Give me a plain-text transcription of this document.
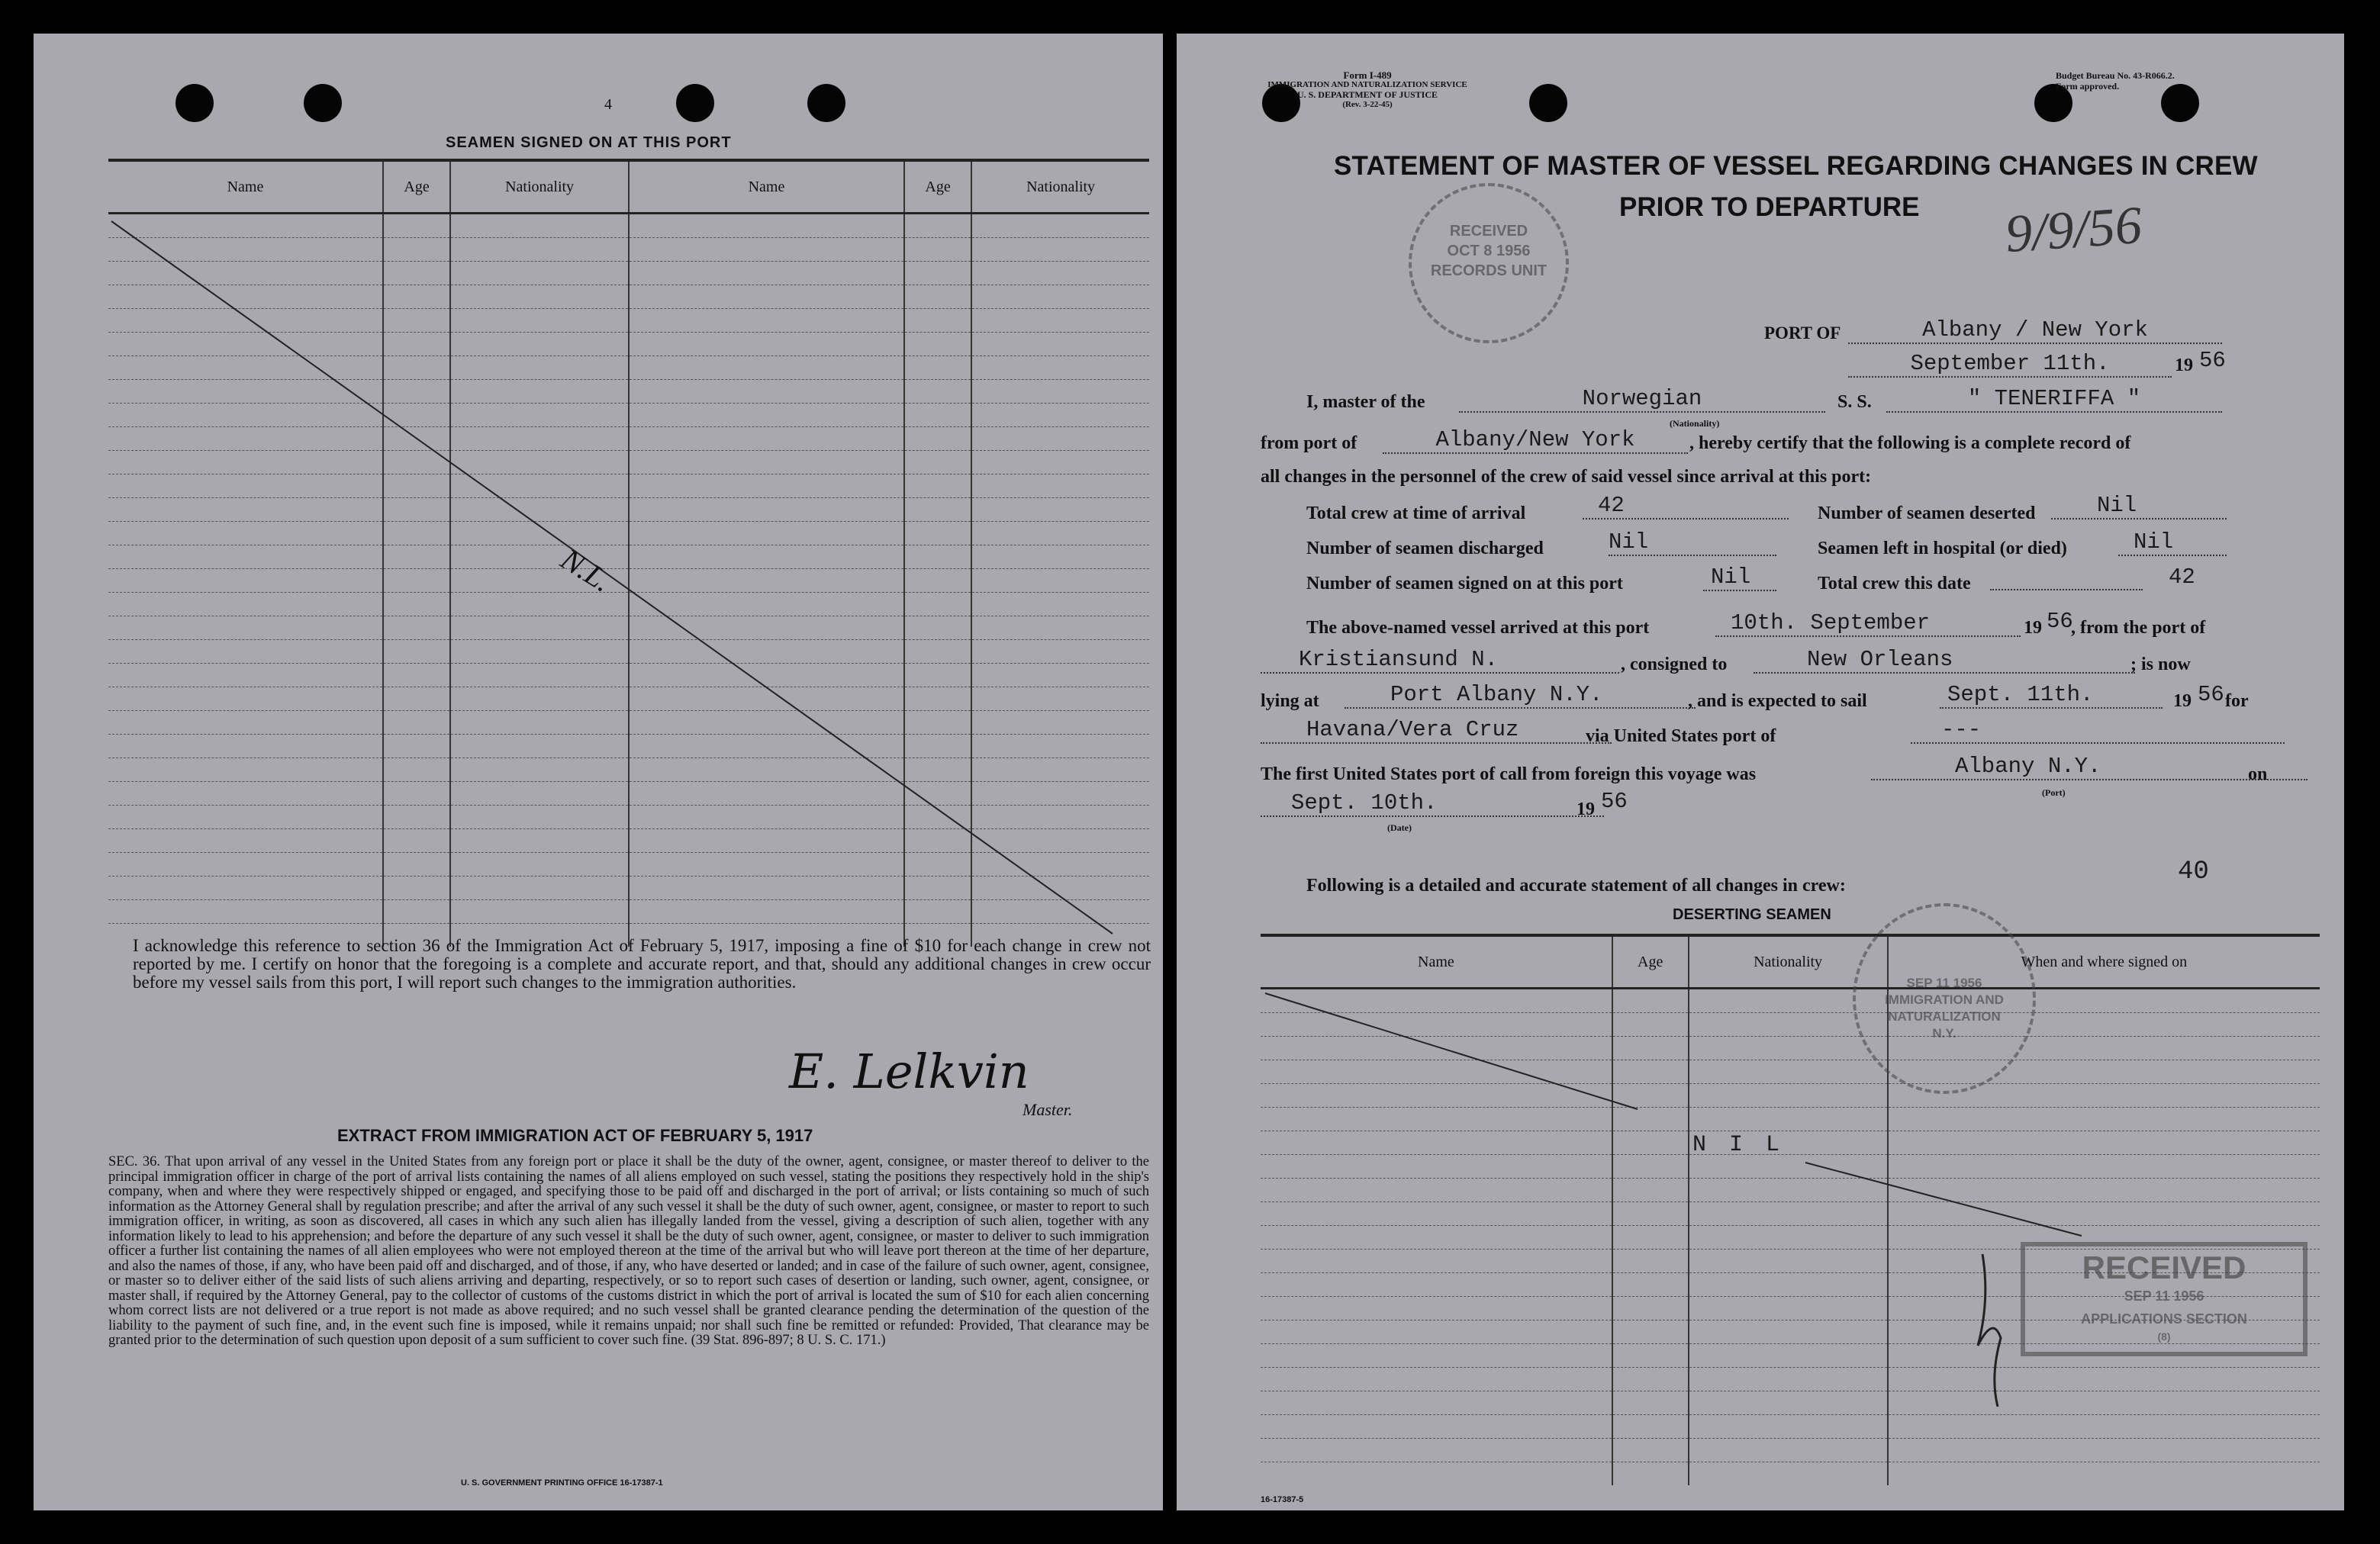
4
SEAMEN SIGNED ON AT THIS PORT
Name	Age	Nationality	Name	Age	Nationality

N.L.
I acknowledge this reference to section 36 of the Immigration Act of February 5, 1917, imposing a fine of $10 for each change in crew not reported by me. I certify on honor that the foregoing is a complete and accurate report, and that, should any additional changes in crew occur before my vessel sails from this port, I will report such changes to the immigration authorities.
E. Lelkvin
Master.
EXTRACT FROM IMMIGRATION ACT OF FEBRUARY 5, 1917
SEC. 36. That upon arrival of any vessel in the United States from any foreign port or place it shall be the duty of the owner, agent, consignee, or master thereof to deliver to the principal immigration officer in charge of the port of arrival lists containing the names of all aliens employed on such vessel, stating the positions they respectively hold in the ship's company, when and where they were respectively shipped or engaged, and specifying those to be paid off and discharged in the port of arrival; or lists containing so much of such information as the Attorney General shall by regulation prescribe; and after the arrival of any such vessel it shall be the duty of such owner, agent, consignee, or master to report to such immigration officer, in writing, as soon as discovered, all cases in which any such alien has illegally landed from the vessel, giving a description of such alien, together with any information likely to lead to his apprehension; and before the departure of any such vessel it shall be the duty of such owner, agent, consignee, or master to deliver to such immigration officer a further list containing the names of all alien employees who were not employed thereon at the time of the arrival but who will leave port thereon at the time of her departure, and also the names of those, if any, who have been paid off and discharged, and of those, if any, who have deserted or landed; and in case of the failure of such owner, agent, consignee, or master so to deliver either of the said lists of such aliens arriving and departing, respectively, or so to report such cases of desertion or landing, such owner, agent, consignee, or master shall, if required by the Attorney General, pay to the collector of customs of the customs district in which the port of arrival is located the sum of $10 for each alien concerning whom correct lists are not delivered or a true report is not made as above required; and no such vessel shall be granted clearance pending the determination of the question of the liability to the payment of such fine, and, in the event such fine is imposed, while it remains unpaid; nor shall such fine be remitted or refunded: Provided, That clearance may be granted prior to the determination of such question upon deposit of a sum sufficient to cover such fine. (39 Stat. 896-897; 8 U. S. C. 171.)
U. S. GOVERNMENT PRINTING OFFICE 16-17387-1
Form I-489
IMMIGRATION AND NATURALIZATION SERVICE
U. S. DEPARTMENT OF JUSTICE
(Rev. 3-22-45)
Budget Bureau No. 43-R066.2.
Form approved.
STATEMENT OF MASTER OF VESSEL REGARDING CHANGES IN CREW
PRIOR TO DEPARTURE 9/9/56
RECEIVED
OCT 8 1956
RECORDS UNIT
PORT OF	Albany / New York
September 11th.	19 56
I, master of the	Norwegian
(Nationality)
S. S.	" TENERIFFA "
from port of	Albany/New York	, hereby certify that the following is a complete record of
all changes in the personnel of the crew of said vessel since arrival at this port:
Total crew at time of arrival	42	Number of seamen deserted	Nil
Number of seamen discharged	Nil	Seamen left in hospital (or died)	Nil
Number of seamen signed on at this port	Nil	Total crew this date	42
The above-named vessel arrived at this port	10th. September	19 56
, from the port of
Kristiansund N.	, consigned to	New Orleans	; is now
lying at	Port Albany N.Y.	, and is expected to sail	Sept. 11th.	19 56 for
Havana/Vera Cruz	via United States port of	---
The first United States port of call from foreign this voyage was	Albany N.Y.
(Port)
on
Sept. 10th.
(Date)
19 56
Following is a detailed and accurate statement of all changes in crew:	40
DESERTING SEAMEN
Name	Age	Nationality	When and where signed on

N I L
SEP 11 1956
IMMIGRATION AND
NATURALIZATION
N.Y.
RECEIVED
SEP 11 1956
APPLICATIONS SECTION
(8)
16-17387-5
